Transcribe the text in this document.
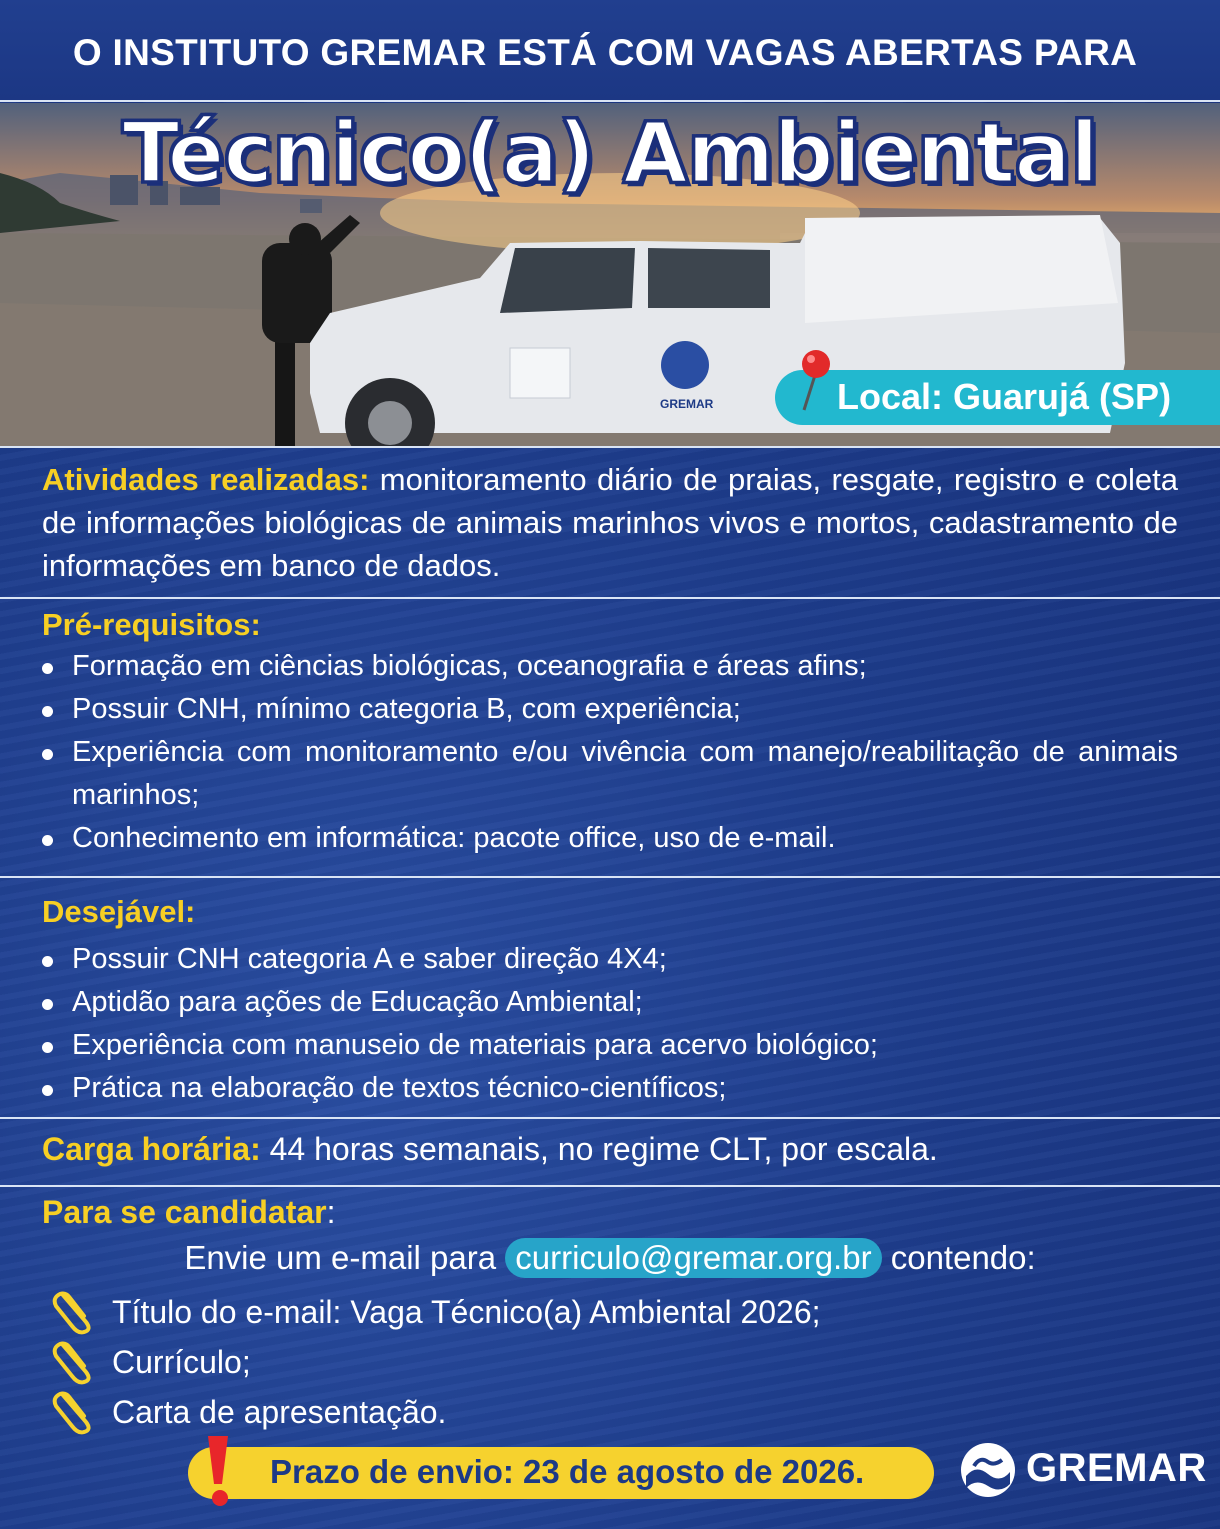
O INSTITUTO GREMAR ESTÁ COM VAGAS ABERTAS PARA
GREMAR
Técnico(a) Ambiental
Local: Guarujá (SP)
Atividades realizadas: monitoramento diário de praias, resgate, registro e coleta de informações biológicas de animais marinhos vivos e mortos, cadastramento de informações em banco de dados.
Pré-requisitos:
Formação em ciências biológicas, oceanografia e áreas afins;
Possuir CNH, mínimo categoria B, com experiência;
Experiência com monitoramento e/ou vivência com manejo/reabilitação de animais marinhos;
Conhecimento em informática: pacote office, uso de e-mail.
Desejável:
Possuir CNH categoria A e saber direção 4X4;
Aptidão para ações de Educação Ambiental;
Experiência com manuseio de materiais para acervo biológico;
Prática na elaboração de textos técnico-científicos;
Carga horária: 44 horas semanais, no regime CLT, por escala.
Para se candidatar:
Envie um e-mail para curriculo@gremar.org.br contendo:
Título do e-mail: Vaga Técnico(a) Ambiental 2026;
Currículo;
Carta de apresentação.
Prazo de envio: 23 de agosto de 2026.	GREMAR
